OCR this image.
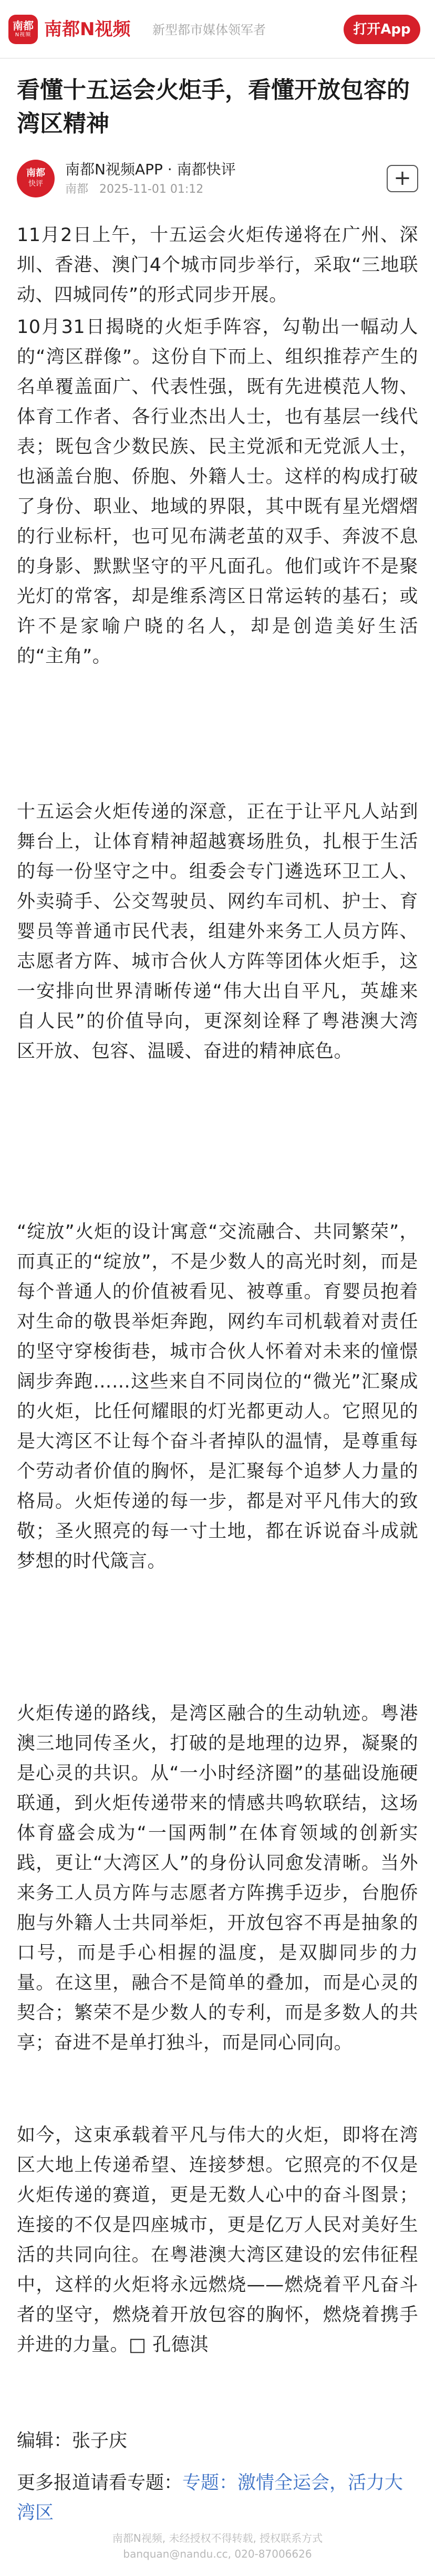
南都
N视频 南都N视频 新型都市媒体领军者	打开App
看懂十五运会火炬手，看懂开放包容的湾区精神
南都
快评
南都N视频APP · 南都快评
南都 2025-11-01 01:12	+

11月2日上午，十五运会火炬传递将在广州、深圳、香港、澳门4个城市同步举行，采取“三地联动、四城同传”的形式同步开展。

10月31日揭晓的火炬手阵容，勾勒出一幅动人的“湾区群像”。这份自下而上、组织推荐产生的名单覆盖面广、代表性强，既有先进模范人物、体育工作者、各行业杰出人士，也有基层一线代表；既包含少数民族、民主党派和无党派人士，也涵盖台胞、侨胞、外籍人士。这样的构成打破了身份、职业、地域的界限，其中既有星光熠熠的行业标杆，也可见布满老茧的双手、奔波不息的身影、默默坚守的平凡面孔。他们或许不是聚光灯的常客，却是维系湾区日常运转的基石；或许不是家喻户晓的名人，却是创造美好生活的“主角”。

十五运会火炬传递的深意，正在于让平凡人站到舞台上，让体育精神超越赛场胜负，扎根于生活的每一份坚守之中。组委会专门遴选环卫工人、外卖骑手、公交驾驶员、网约车司机、护士、育婴员等普通市民代表，组建外来务工人员方阵、志愿者方阵、城市合伙人方阵等团体火炬手，这一安排向世界清晰传递“伟大出自平凡，英雄来自人民”的价值导向，更深刻诠释了粤港澳大湾区开放、包容、温暖、奋进的精神底色。

“绽放”火炬的设计寓意“交流融合、共同繁荣”，而真正的“绽放”，不是少数人的高光时刻，而是每个普通人的价值被看见、被尊重。育婴员抱着对生命的敬畏举炬奔跑，网约车司机载着对责任的坚守穿梭街巷，城市合伙人怀着对未来的憧憬阔步奔跑……这些来自不同岗位的“微光”汇聚成的火炬，比任何耀眼的灯光都更动人。它照见的是大湾区不让每个奋斗者掉队的温情，是尊重每个劳动者价值的胸怀，是汇聚每个追梦人力量的格局。火炬传递的每一步，都是对平凡伟大的致敬；圣火照亮的每一寸土地，都在诉说奋斗成就梦想的时代箴言。

火炬传递的路线，是湾区融合的生动轨迹。粤港澳三地同传圣火，打破的是地理的边界，凝聚的是心灵的共识。从“一小时经济圈”的基础设施硬联通，到火炬传递带来的情感共鸣软联结，这场体育盛会成为“一国两制”在体育领域的创新实践，更让“大湾区人”的身份认同愈发清晰。当外来务工人员方阵与志愿者方阵携手迈步，台胞侨胞与外籍人士共同举炬，开放包容不再是抽象的口号，而是手心相握的温度，是双脚同步的力量。在这里，融合不是简单的叠加，而是心灵的契合；繁荣不是少数人的专利，而是多数人的共享；奋进不是单打独斗，而是同心同向。

如今，这束承载着平凡与伟大的火炬，即将在湾区大地上传递希望、连接梦想。它照亮的不仅是火炬传递的赛道，更是无数人心中的奋斗图景；连接的不仅是四座城市，更是亿万人民对美好生活的共同向往。在粤港澳大湾区建设的宏伟征程中，这样的火炬将永远燃烧——燃烧着平凡奋斗者的坚守，燃烧着开放包容的胸怀，燃烧着携手并进的力量。□ 孔德淇

编辑：张子庆
更多报道请看专题：专题：激情全运会，活力大湾区
南都N视频, 未经授权不得转载, 授权联系方式
banquan@nandu.cc, 020-87006626
